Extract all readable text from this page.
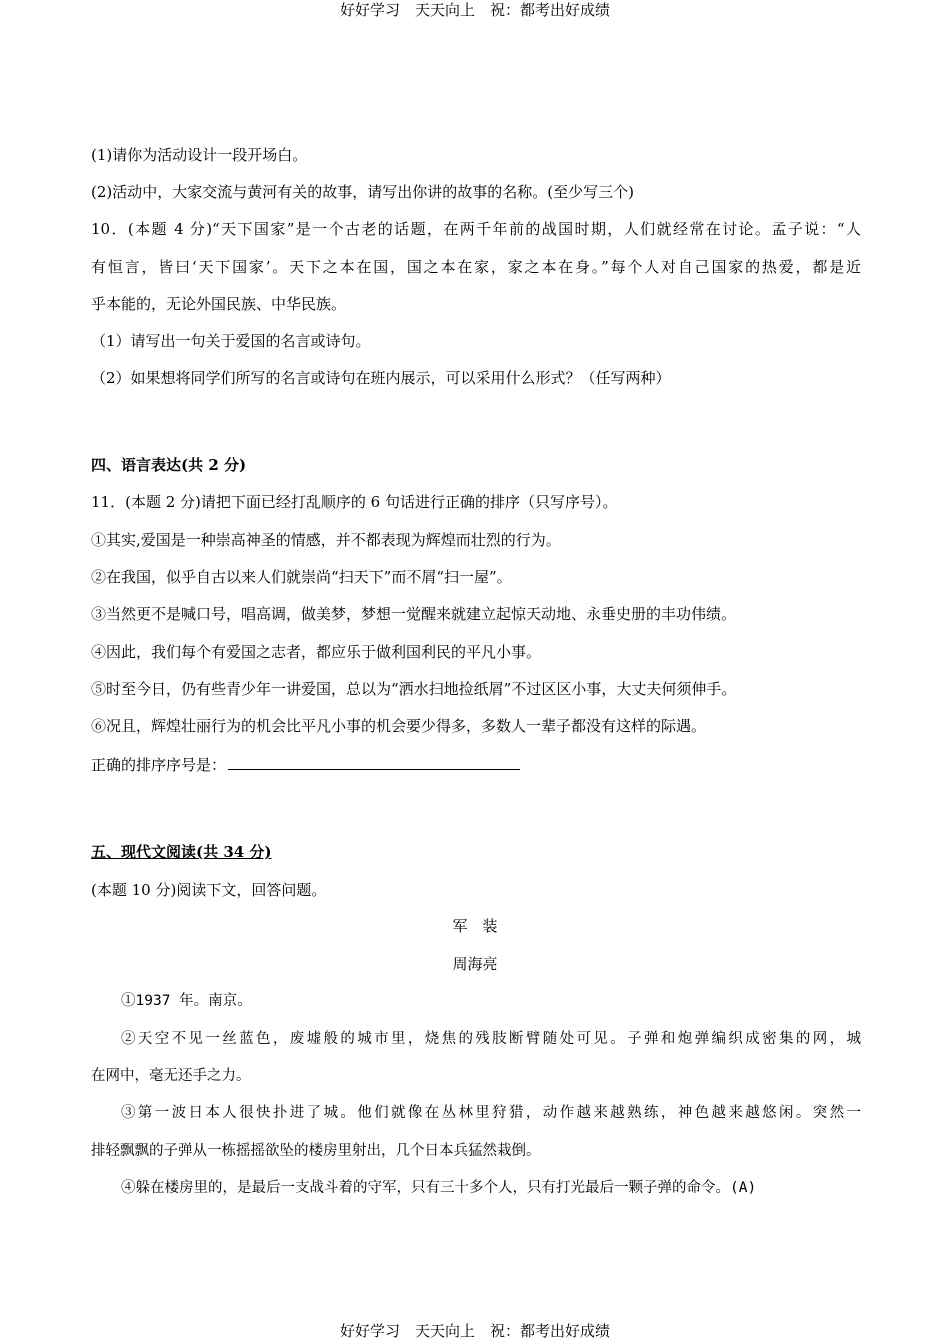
好好学习　天天向上　祝：都考出好成绩
(1)请你为活动设计一段开场白。
(2)活动中，大家交流与黄河有关的故事，请写出你讲的故事的名称。(至少写三个)
10．(本题 4 分)“天下国家”是一个古老的话题，在两千年前的战国时期，人们就经常在讨论。孟子说：“人
有恒言，皆曰‘天下国家’。天下之本在国，国之本在家，家之本在身。”每个人对自己国家的热爱，都是近
乎本能的，无论外国民族、中华民族。
（1）请写出一句关于爱国的名言或诗句。
（2）如果想将同学们所写的名言或诗句在班内展示，可以采用什么形式？（任写两种）
四、语言表达(共 2 分)
11．(本题 2 分)请把下面已经打乱顺序的 6 句话进行正确的排序（只写序号）。
①其实,爱国是一种崇高神圣的情感，并不都表现为辉煌而壮烈的行为。
②在我国，似乎自古以来人们就崇尚“扫天下”而不屑“扫一屋”。
③当然更不是喊口号，唱高调，做美梦，梦想一觉醒来就建立起惊天动地、永垂史册的丰功伟绩。
④因此，我们每个有爱国之志者，都应乐于做利国利民的平凡小事。
⑤时至今日，仍有些青少年一讲爱国，总以为“洒水扫地捡纸屑”不过区区小事，大丈夫何须伸手。
⑥况且，辉煌壮丽行为的机会比平凡小事的机会要少得多，多数人一辈子都没有这样的际遇。
正确的排序序号是：
五、现代文阅读(共 34 分)
(本题 10 分)阅读下文，回答问题。
军　装
周海亮
①1937 年。南京。
②天空不见一丝蓝色，废墟般的城市里，烧焦的残肢断臂随处可见。子弹和炮弹编织成密集的网，城
在网中，毫无还手之力。
③第一波日本人很快扑进了城。他们就像在丛林里狩猎，动作越来越熟练，神色越来越悠闲。突然一
排轻飘飘的子弹从一栋摇摇欲坠的楼房里射出，几个日本兵猛然栽倒。
④躲在楼房里的，是最后一支战斗着的守军，只有三十多个人，只有打光最后一颗子弹的命令。(A)
好好学习　天天向上　祝：都考出好成绩
